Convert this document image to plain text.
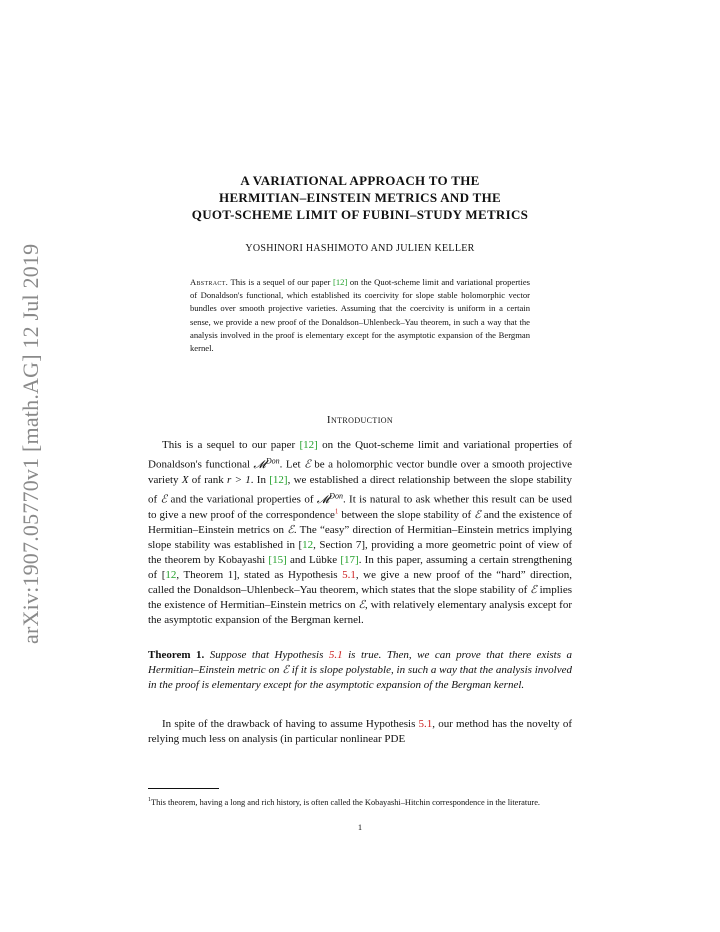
arXiv:1907.05770v1 [math.AG] 12 Jul 2019
A VARIATIONAL APPROACH TO THE
HERMITIAN–EINSTEIN METRICS AND THE
QUOT-SCHEME LIMIT OF FUBINI–STUDY METRICS
YOSHINORI HASHIMOTO AND JULIEN KELLER
Abstract. This is a sequel of our paper [12] on the Quot-scheme limit and variational properties of Donaldson's functional, which established its coercivity for slope stable holomorphic vector bundles over smooth projective varieties. Assuming that the coercivity is uniform in a certain sense, we provide a new proof of the Donaldson–Uhlenbeck–Yau theorem, in such a way that the analysis involved in the proof is elementary except for the asymptotic expansion of the Bergman kernel.
Introduction
This is a sequel to our paper [12] on the Quot-scheme limit and variational properties of Donaldson's functional 𝓜$^{Don}$. Let ℰ be a holomorphic vector bundle over a smooth projective variety X of rank r > 1. In [12], we established a direct relationship between the slope stability of ℰ and the variational properties of 𝓜$^{Don}$. It is natural to ask whether this result can be used to give a new proof of the correspondence$^1$ between the slope stability of ℰ and the existence of Hermitian–Einstein metrics on ℰ. The “easy” direction of Hermitian–Einstein metrics implying slope stability was established in [12, Section 7], providing a more geometric point of view of the theorem by Kobayashi [15] and Lübke [17]. In this paper, assuming a certain strengthening of [12, Theorem 1], stated as Hypothesis 5.1, we give a new proof of the “hard” direction, called the Donaldson–Uhlenbeck–Yau theorem, which states that the slope stability of ℰ implies the existence of Hermitian–Einstein metrics on ℰ, with relatively elementary analysis except for the asymptotic expansion of the Bergman kernel.
Theorem 1. Suppose that Hypothesis 5.1 is true. Then, we can prove that there exists a Hermitian–Einstein metric on ℰ if it is slope polystable, in such a way that the analysis involved in the proof is elementary except for the asymptotic expansion of the Bergman kernel.
In spite of the drawback of having to assume Hypothesis 5.1, our method has the novelty of relying much less on analysis (in particular nonlinear PDE
$^1$This theorem, having a long and rich history, is often called the Kobayashi–Hitchin correspondence in the literature.
1
